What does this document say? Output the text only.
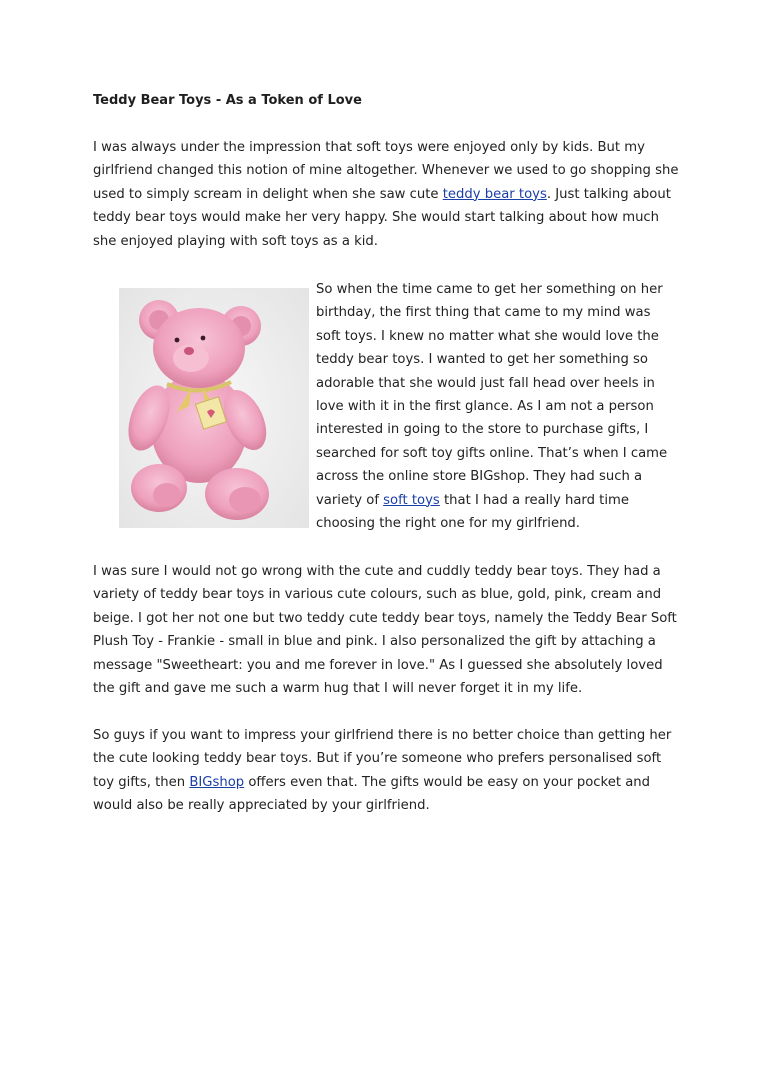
Teddy Bear Toys - As a Token of Love
I was always under the impression that soft toys were enjoyed only by kids. But my
girlfriend changed this notion of mine altogether. Whenever we used to go shopping she
used to simply scream in delight when she saw cute teddy bear toys. Just talking about
teddy bear toys would make her very happy. She would start talking about how much
she enjoyed playing with soft toys as a kid.
So when the time came to get her something on her
birthday, the first thing that came to my mind was
soft toys. I knew no matter what she would love the
teddy bear toys. I wanted to get her something so
adorable that she would just fall head over heels in
love with it in the first glance. As I am not a person
interested in going to the store to purchase gifts, I
searched for soft toy gifts online. That’s when I came
across the online store BIGshop. They had such a
variety of soft toys that I had a really hard time
choosing the right one for my girlfriend.
I was sure I would not go wrong with the cute and cuddly teddy bear toys. They had a
variety of teddy bear toys in various cute colours, such as blue, gold, pink, cream and
beige. I got her not one but two teddy cute teddy bear toys, namely the Teddy Bear Soft
Plush Toy - Frankie - small in blue and pink. I also personalized the gift by attaching a
message "Sweetheart: you and me forever in love." As I guessed she absolutely loved
the gift and gave me such a warm hug that I will never forget it in my life.
So guys if you want to impress your girlfriend there is no better choice than getting her
the cute looking teddy bear toys. But if you’re someone who prefers personalised soft
toy gifts, then BIGshop offers even that. The gifts would be easy on your pocket and
would also be really appreciated by your girlfriend.
